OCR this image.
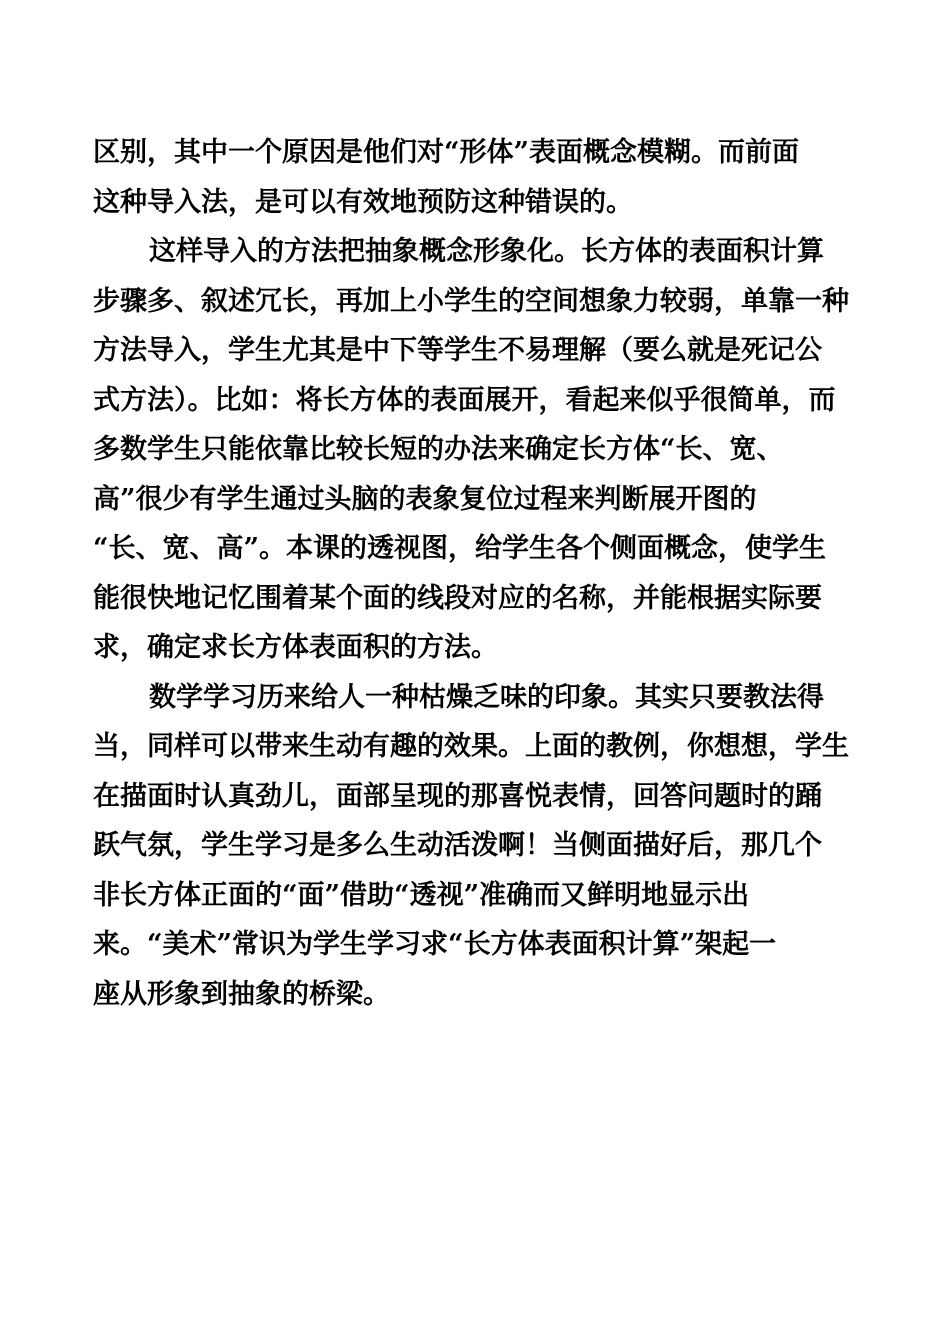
区别，其中一个原因是他们对“形体”表面概念模糊。而前面
这种导入法，是可以有效地预防这种错误的。
这样导入的方法把抽象概念形象化。长方体的表面积计算
步骤多、叙述冗长，再加上小学生的空间想象力较弱，单靠一种
方法导入，学生尤其是中下等学生不易理解（要么就是死记公
式方法）。比如：将长方体的表面展开，看起来似乎很简单，而
多数学生只能依靠比较长短的办法来确定长方体“长、宽、
高”很少有学生通过头脑的表象复位过程来判断展开图的
“长、宽、高”。本课的透视图，给学生各个侧面概念，使学生
能很快地记忆围着某个面的线段对应的名称，并能根据实际要
求，确定求长方体表面积的方法。
数学学习历来给人一种枯燥乏味的印象。其实只要教法得
当，同样可以带来生动有趣的效果。上面的教例，你想想，学生
在描面时认真劲儿，面部呈现的那喜悦表情，回答问题时的踊
跃气氛，学生学习是多么生动活泼啊！当侧面描好后，那几个
非长方体正面的“面”借助“透视”准确而又鲜明地显示出
来。“美术”常识为学生学习求“长方体表面积计算”架起一
座从形象到抽象的桥梁。
